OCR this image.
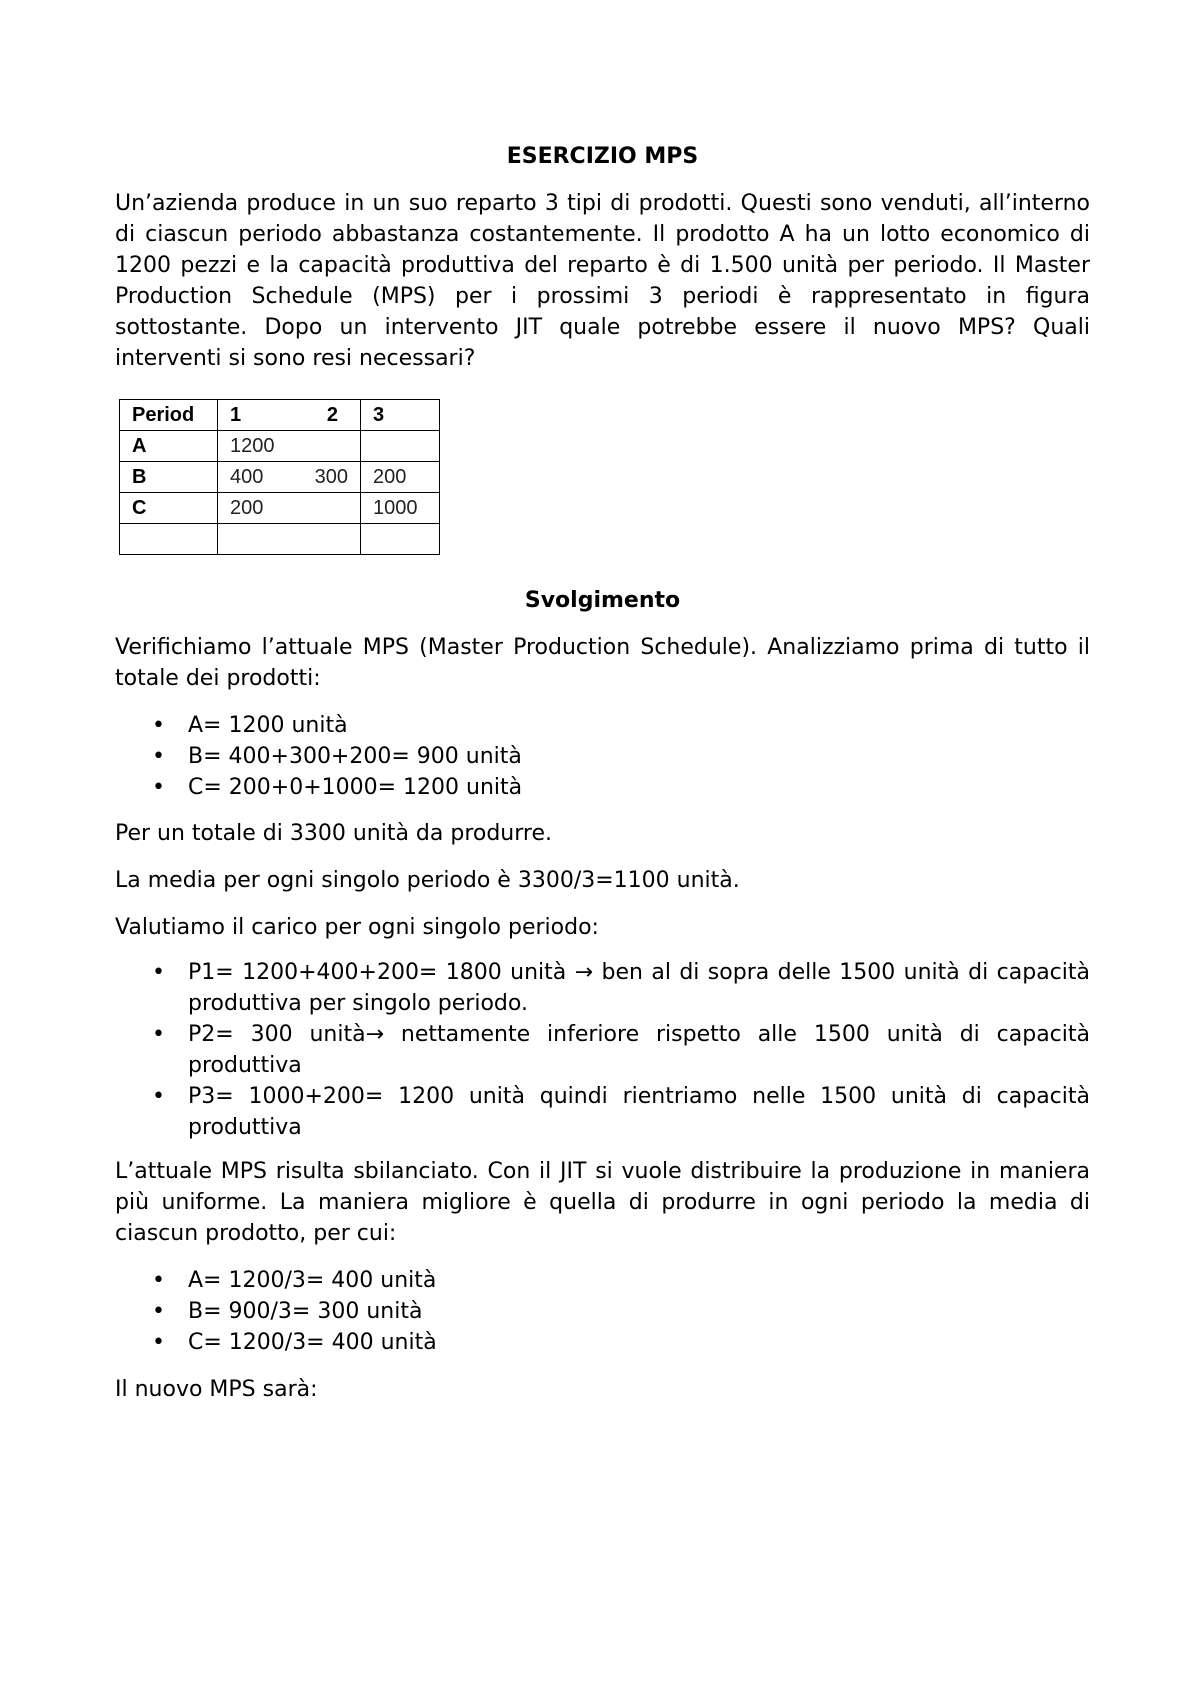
ESERCIZIO MPS

Un’azienda produce in un suo reparto 3 tipi di prodotti. Questi sono venduti, all’interno di ciascun periodo abbastanza costantemente. Il prodotto A ha un lotto economico di 1200 pezzi e la capacità produttiva del reparto è di 1.500 unità per periodo. Il Master Production Schedule (MPS) per i prossimi 3 periodi è rappresentato in figura sottostante. Dopo un intervento JIT quale potrebbe essere il nuovo MPS? Quali interventi si sono resi necessari?

Period	1 2	3
A	1200	

B	400 300	200
C	200	1000

Svolgimento

Verifichiamo l’attuale MPS (Master Production Schedule). Analizziamo prima di tutto il totale dei prodotti:

• A= 1200 unità
• B= 400+300+200= 900 unità
• C= 200+0+1000= 1200 unità

Per un totale di 3300 unità da produrre.

La media per ogni singolo periodo è 3300/3=1100 unità.

Valutiamo il carico per ogni singolo periodo:

• P1= 1200+400+200= 1800 unità → ben al di sopra delle 1500 unità di capacità produttiva per singolo periodo.
• P2= 300 unità→ nettamente inferiore rispetto alle 1500 unità di capacità produttiva
• P3= 1000+200= 1200 unità quindi rientriamo nelle 1500 unità di capacità produttiva

L’attuale MPS risulta sbilanciato. Con il JIT si vuole distribuire la produzione in maniera più uniforme. La maniera migliore è quella di produrre in ogni periodo la media di ciascun prodotto, per cui:

• A= 1200/3= 400 unità
• B= 900/3= 300 unità
• C= 1200/3= 400 unità

Il nuovo MPS sarà:
